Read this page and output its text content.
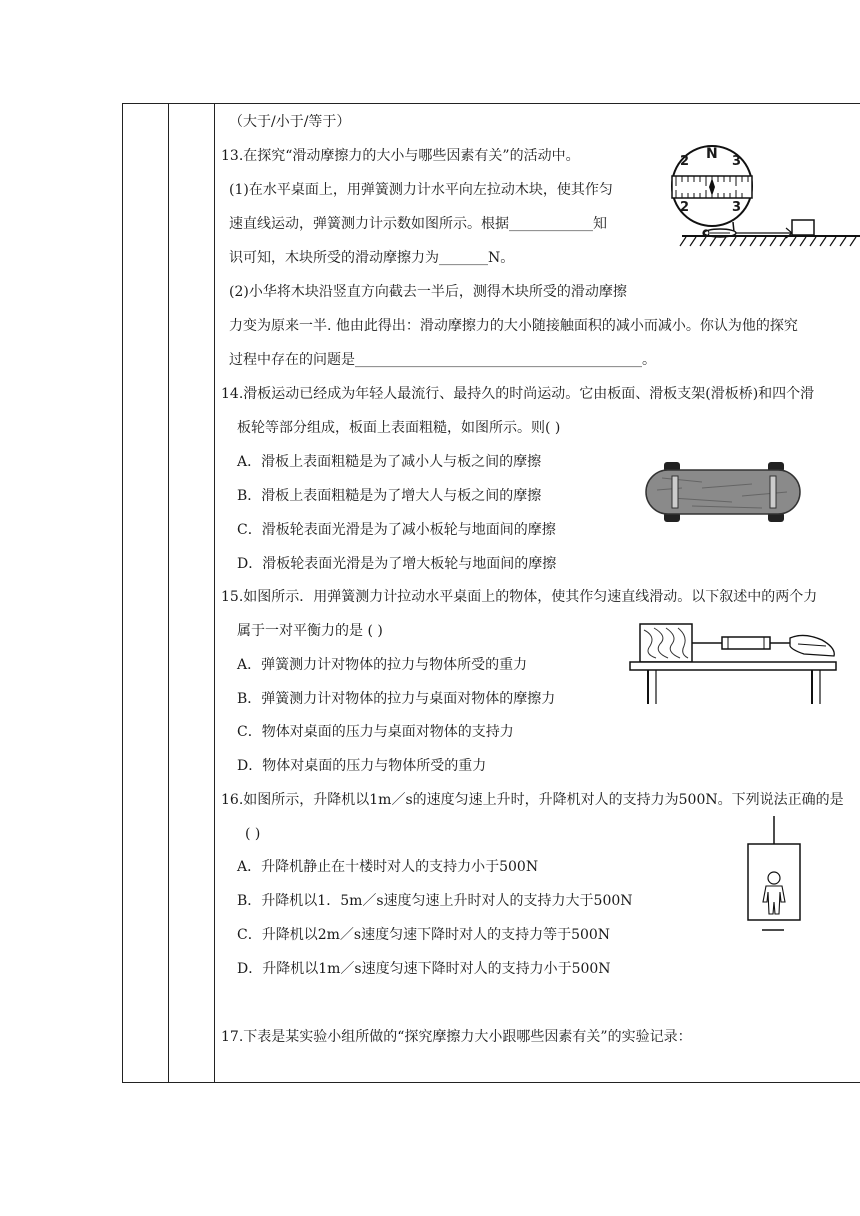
（大于/小于/等于）
13.在探究“滑动摩擦力的大小与哪些因素有关”的活动中。
(1)在水平桌面上，用弹簧测力计水平向左拉动木块，使其作匀
速直线运动，弹簧测力计示数如图所示。根据____________知
识可知，木块所受的滑动摩擦力为_______N。
(2)小华将木块沿竖直方向截去一半后，测得木块所受的滑动摩擦
力变为原来一半. 他由此得出：滑动摩擦力的大小随接触面积的减小而减小。你认为他的探究
过程中存在的问题是_________________________________________。
14.滑板运动已经成为年轻人最流行、最持久的时尚运动。它由板面、滑板支架(滑板桥)和四个滑
板轮等部分组成，板面上表面粗糙，如图所示。则( )
A．滑板上表面粗糙是为了减小人与板之间的摩擦
B．滑板上表面粗糙是为了增大人与板之间的摩擦
C．滑板轮表面光滑是为了减小板轮与地面间的摩擦
D．滑板轮表面光滑是为了增大板轮与地面间的摩擦
15.如图所示．用弹簧测力计拉动水平桌面上的物体，使其作匀速直线滑动。以下叙述中的两个力
属于一对平衡力的是 ( )
A．弹簧测力计对物体的拉力与物体所受的重力
B．弹簧测力计对物体的拉力与桌面对物体的摩擦力
C．物体对桌面的压力与桌面对物体的支持力
D．物体对桌面的压力与物体所受的重力
16.如图所示，升降机以1m／s的速度匀速上升时，升降机对人的支持力为500N。下列说法正确的是
( )
A．升降机静止在十楼时对人的支持力小于500N
B．升降机以1．5m／s速度匀速上升时对人的支持力大于500N
C．升降机以2m／s速度匀速下降时对人的支持力等于500N
D．升降机以1m／s速度匀速下降时对人的支持力小于500N
17.下表是某实验小组所做的“探究摩擦力大小跟哪些因素有关”的实验记录：
N
2	3
2	3
